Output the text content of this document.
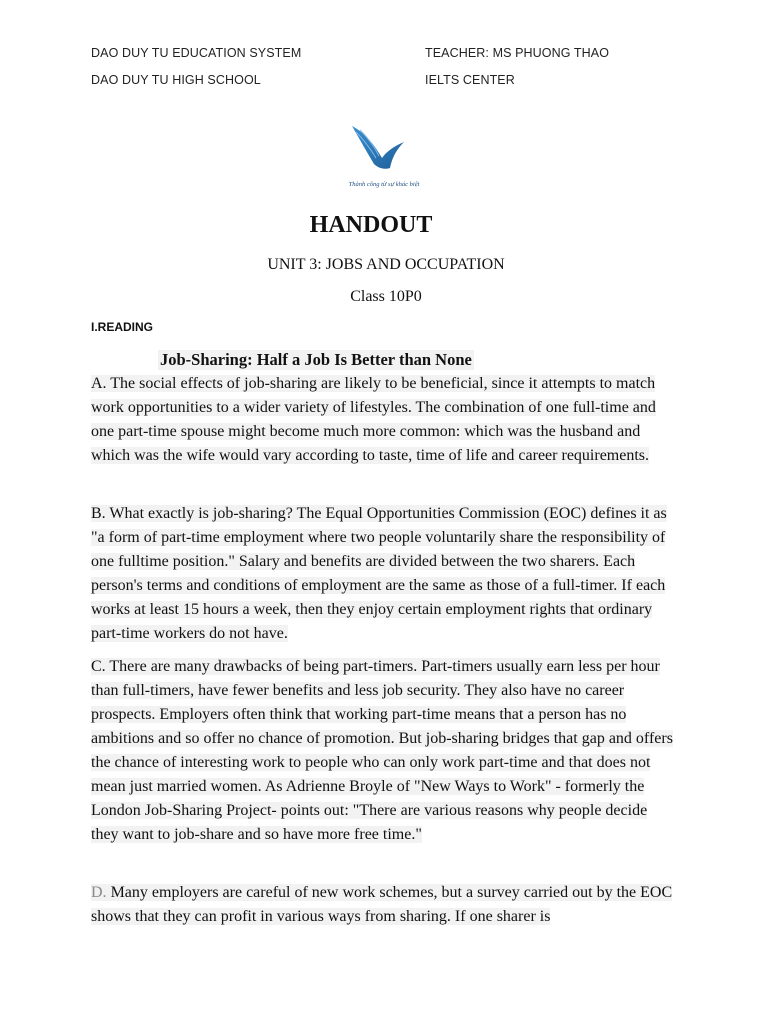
DAO DUY TU EDUCATION SYSTEM
DAO DUY TU HIGH SCHOOL
TEACHER: MS PHUONG THAO
IELTS CENTER
Thành công từ sự khác biệt
HANDOUT
UNIT 3: JOBS AND OCCUPATION
Class 10P0
I.READING
Job-Sharing: Half a Job Is Better than None
A. The social effects of job-sharing are likely to be beneficial, since it attempts to match work opportunities to a wider variety of lifestyles. The combination of one full-time and one part-time spouse might become much more common: which was the husband and which was the wife would vary according to taste, time of life and career requirements.
B. What exactly is job-sharing? The Equal Opportunities Commission (EOC) defines it as "a form of part-time employment where two people voluntarily share the responsibility of one fulltime position." Salary and benefits are divided between the two sharers. Each person's terms and conditions of employment are the same as those of a full-timer. If each works at least 15 hours a week, then they enjoy certain employment rights that ordinary part-time workers do not have.
C. There are many drawbacks of being part-timers. Part-timers usually earn less per hour than full-timers, have fewer benefits and less job security. They also have no career prospects. Employers often think that working part-time means that a person has no ambitions and so offer no chance of promotion. But job-sharing bridges that gap and offers the chance of interesting work to people who can only work part-time and that does not mean just married women. As Adrienne Broyle of "New Ways to Work" - formerly the London Job-Sharing Project- points out: "There are various reasons why people decide they want to job-share and so have more free time."
D. Many employers are careful of new work schemes, but a survey carried out by the EOC shows that they can profit in various ways from sharing. If one sharer is
